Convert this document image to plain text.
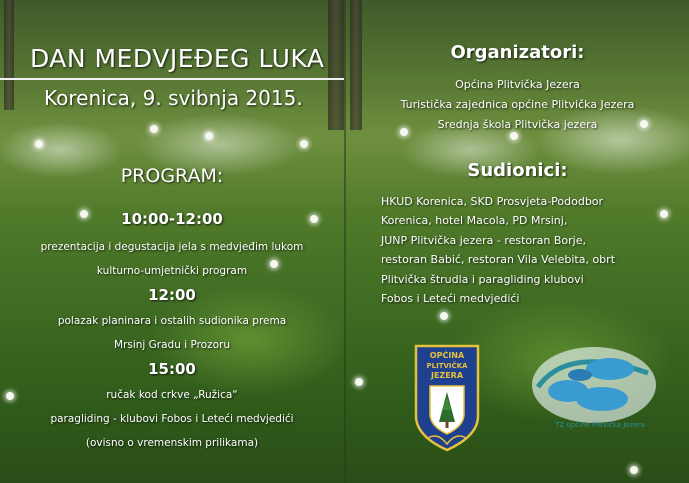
DAN MEDVJEĐEG LUKA
Korenica, 9. svibnja 2015.
PROGRAM:
10:00-12:00
prezentacija i degustacija jela s medvjeđim lukom
kulturno-umjetnički program
12:00
polazak planinara i ostalih sudionika prema
Mrsinj Gradu i Prozoru
15:00
ručak kod crkve „Ružica“
paragliding - klubovi Fobos i Leteći medvjedići
(ovisno o vremenskim prilikama)
Organizatori:
Općina Plitvička Jezera
Turistička zajednica općine Plitvička Jezera
Srednja škola Plitvička jezera
Sudionici:
HKUD Korenica, SKD Prosvjeta-Pododbor
Korenica, hotel Macola, PD Mrsinj,
JUNP Plitvička jezera - restoran Borje,
restoran Babić, restoran Vila Velebita, obrt
Plitvička štrudla i paragliding klubovi
Fobos i Leteći medvjedići
OPĆINA
PLITVIČKA
JEZERA
TZ općine Plitvička Jezera
